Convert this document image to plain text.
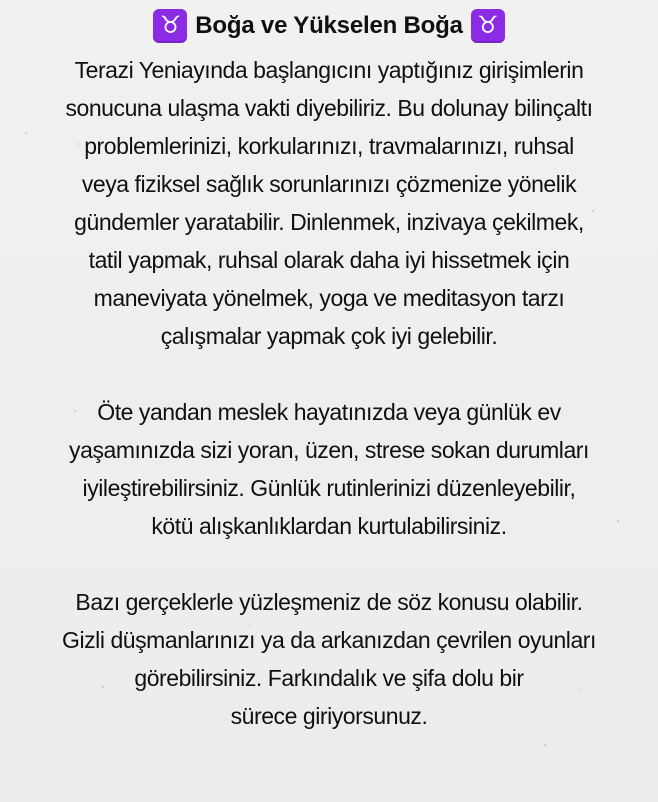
♉ Boğa ve Yükselen Boğa ♉
Terazi Yeniayında başlangıcını yaptığınız girişimlerin
sonucuna ulaşma vakti diyebiliriz. Bu dolunay bilinçaltı
problemlerinizi, korkularınızı, travmalarınızı, ruhsal
veya fiziksel sağlık sorunlarınızı çözmenize yönelik
gündemler yaratabilir. Dinlenmek, inzivaya çekilmek,
tatil yapmak, ruhsal olarak daha iyi hissetmek için
maneviyata yönelmek, yoga ve meditasyon tarzı
çalışmalar yapmak çok iyi gelebilir.
Öte yandan meslek hayatınızda veya günlük ev
yaşamınızda sizi yoran, üzen, strese sokan durumları
iyileştirebilirsiniz. Günlük rutinlerinizi düzenleyebilir,
kötü alışkanlıklardan kurtulabilirsiniz.
Bazı gerçeklerle yüzleşmeniz de söz konusu olabilir.
Gizli düşmanlarınızı ya da arkanızdan çevrilen oyunları
görebilirsiniz. Farkındalık ve şifa dolu bir
sürece giriyorsunuz.
